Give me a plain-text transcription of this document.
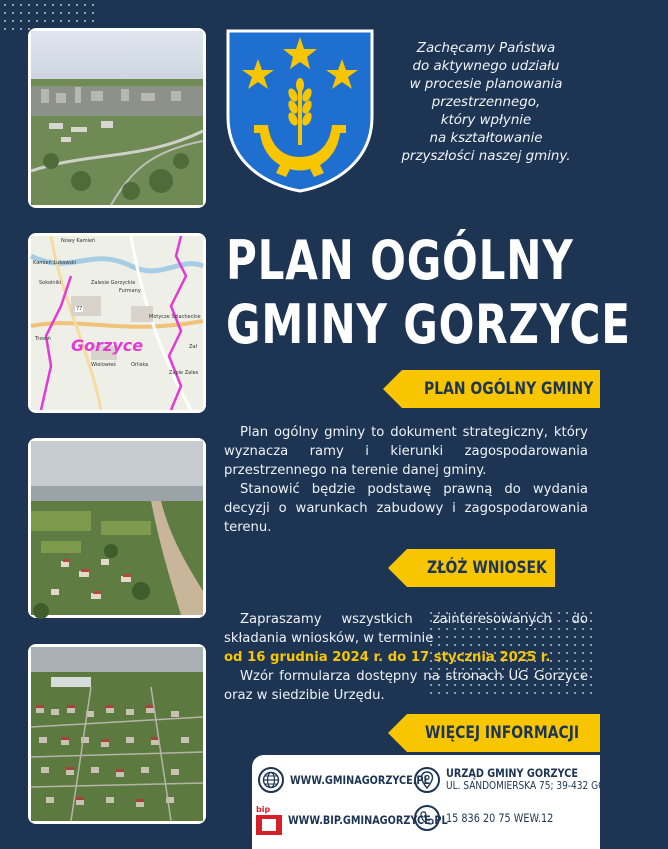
Nowy Kamień
Kamień Łukawski
Sokolniki	Zalesie Gorzyckie
Furmany
Motycze Szlacheckie
Trześń
Orliska
Wielowieś
Zapie Zales
Zał
77
Gorzyce
Zachęcamy Państwa
do aktywnego udziału
w procesie planowania
przestrzennego,
który wpłynie
na kształtowanie
przyszłości naszej gminy.
PLAN OGÓLNY
GMINY GORZYCE
PLAN OGÓLNY GMINY

Plan ogólny gminy to dokument strategiczny, który wyznacza ramy i kierunki zagospodarowania przestrzennego na terenie danej gminy.

Stanowić będzie podstawę prawną do wydania decyzji o warunkach zabudowy i zagospodarowania terenu.

ZŁÓŻ WNIOSEK

Zapraszamy wszystkich zainteresowanych do składania wniosków, w terminie

od 16 grudnia 2024 r. do 17 stycznia 2025 r.

Wzór formularza dostępny na stronach UG Gorzyce oraz w siedzibie Urzędu.

WIĘCEJ INFORMACJI
WWW.GMINAGORZYCE.PL
bip
WWW.BIP.GMINAGORZYCE.PL
URZĄD GMINY GORZYCE
UL. SANDOMIERSKA 75; 39-432 GORZYCE
15 836 20 75 WEW.12
